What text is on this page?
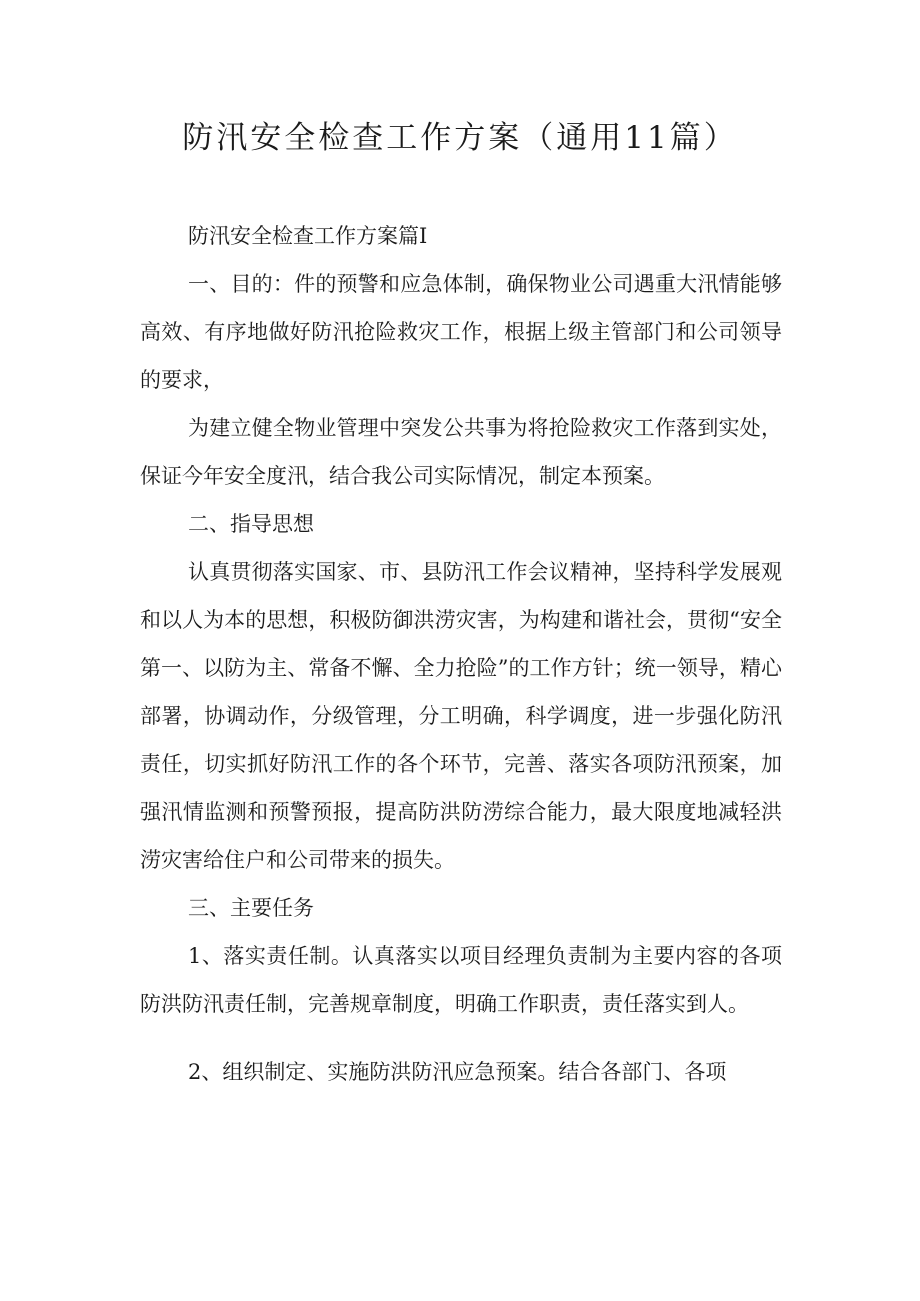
防汛安全检查工作方案（通用11篇）

防汛安全检查工作方案篇I

一、目的：件的预警和应急体制，确保物业公司遇重大汛情能够高效、有序地做好防汛抢险救灾工作，根据上级主管部门和公司领导的要求，

为建立健全物业管理中突发公共事为将抢险救灾工作落到实处，保证今年安全度汛，结合我公司实际情况，制定本预案。

二、指导思想

认真贯彻落实国家、市、县防汛工作会议精神，坚持科学发展观和以人为本的思想，积极防御洪涝灾害，为构建和谐社会，贯彻“安全第一、以防为主、常备不懈、全力抢险”的工作方针；统一领导，精心部署，协调动作，分级管理，分工明确，科学调度，进一步强化防汛责任，切实抓好防汛工作的各个环节，完善、落实各项防汛预案，加强汛情监测和预警预报，提高防洪防涝综合能力，最大限度地减轻洪涝灾害给住户和公司带来的损失。

三、主要任务

1、落实责任制。认真落实以项目经理负责制为主要内容的各项防洪防汛责任制，完善规章制度，明确工作职责，责任落实到人。

2、组织制定、实施防洪防汛应急预案。结合各部门、各项
